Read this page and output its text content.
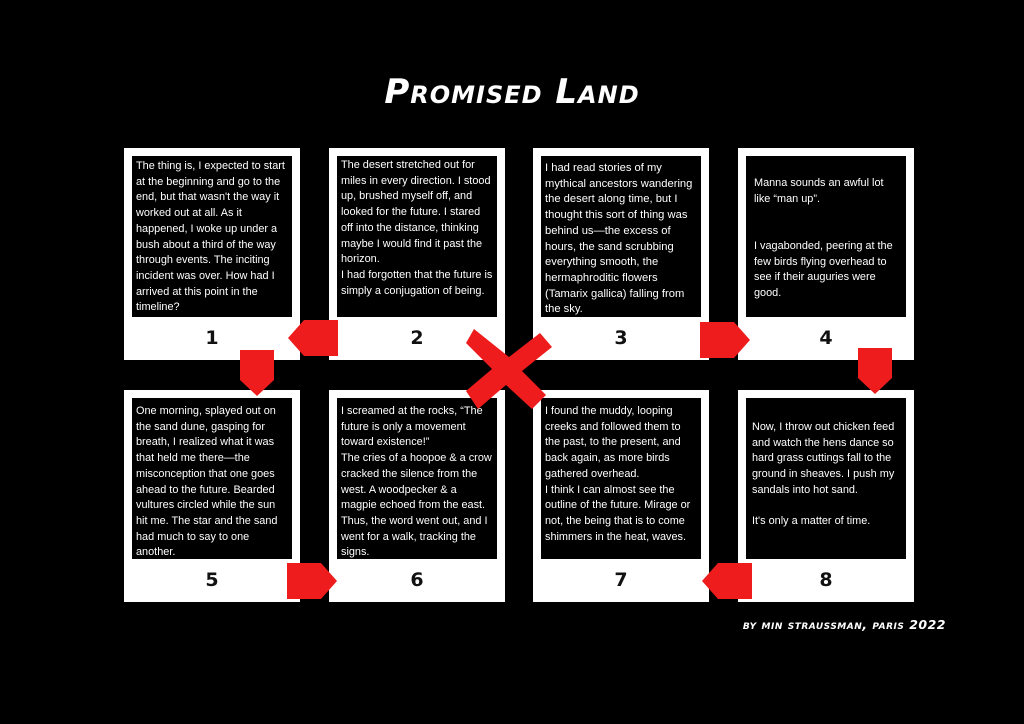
Promised Land
The thing is, I expected to start at the beginning and go to the end, but that wasn't the way it worked out at all. As it happened, I woke up under a bush about a third of the way through events. The inciting incident was over. How had I arrived at this point in the timeline?
1
The desert stretched out for miles in every direction. I stood up, brushed myself off, and looked for the future. I stared off into the distance, thinking maybe I would find it past the horizon.
I had forgotten that the future is simply a conjugation of being.
2
I had read stories of my mythical ancestors wandering the desert along time, but I thought this sort of thing was behind us—the excess of hours, the sand scrubbing everything smooth, the hermaphroditic flowers (Tamarix gallica) falling from the sky.
3
Manna sounds an awful lot like “man up”.

I vagabonded, peering at the few birds flying overhead to see if their auguries were good.
4
One morning, splayed out on the sand dune, gasping for breath, I realized what it was that held me there—the misconception that one goes ahead to the future. Bearded vultures circled while the sun hit me. The star and the sand had much to say to one another.
5
I screamed at the rocks, “The future is only a movement toward existence!”
The cries of a hoopoe & a crow cracked the silence from the west. A woodpecker & a magpie echoed from the east. Thus, the word went out, and I went for a walk, tracking the signs.
6
I found the muddy, looping creeks and followed them to the past, to the present, and back again, as more birds gathered overhead.
I think I can almost see the outline of the future. Mirage or not, the being that is to come shimmers in the heat, waves.
7
Now, I throw out chicken feed and watch the hens dance so hard grass cuttings fall to the ground in sheaves. I push my sandals into hot sand.

It's only a matter of time.
8
by min straussman, paris 2022
